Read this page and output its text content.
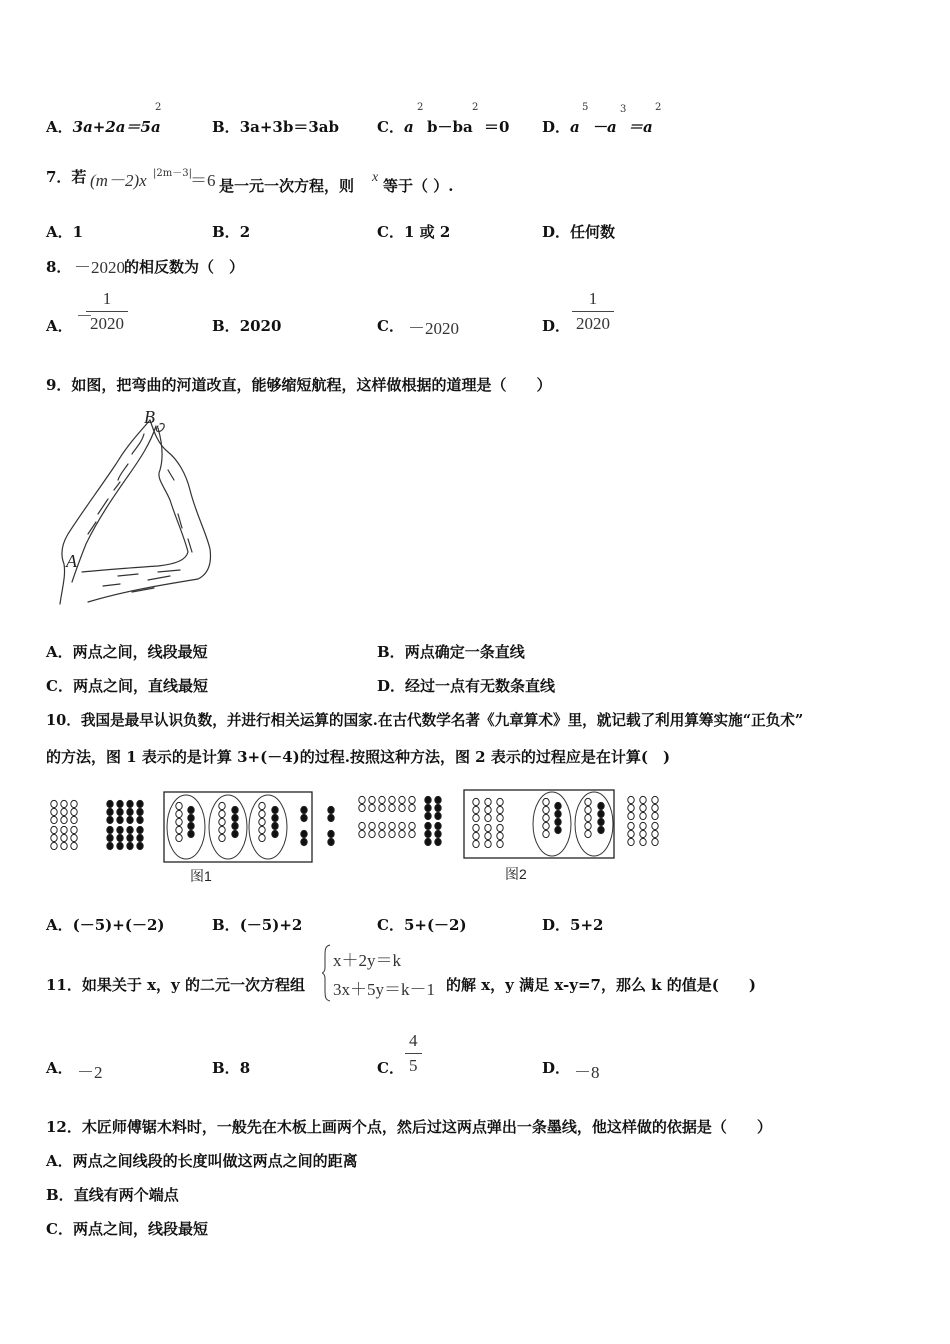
A．3a+2a＝5a
2
B．3a+3b＝3ab	C．a
2
b－ba
2
＝0 D．a
5
－a
3
＝a
2
7．若 (m－2)x |2m－3|
＝6 是一元一次方程，则 x 等于（ ）.
A．1	B．2	C．1 或 2	D．任何数
8． －2020 的相反数为（　）
A． －
$\frac{1}{2020}$	B．2020	C． －2020	D． $\frac{1}{2020}$
9．如图，把弯曲的河道改直，能够缩短航程，这样做根据的道理是（　　）
B
A
A．两点之间，线段最短	B．两点确定一条直线
C．两点之间，直线最短	D．经过一点有无数条直线
10．我国是最早认识负数，并进行相关运算的国家.在古代数学名著《九章算术》里，就记载了利用算筹实施“正负术”
的方法，图 1 表示的是计算 3+(－4)的过程.按照这种方法，图 2 表示的过程应是在计算(　)
图1	图2
A．(－5)+(－2)	B．(－5)+2	C．5+(－2)	D．5+2
11．如果关于 x，y 的二元一次方程组
x＋2y＝k
3x＋5y＝k－1 的解 x，y 满足 x-y=7，那么 k 的值是(　　)
A． －2	B．8	C． $\frac{4}{5}$	D． －8
12．木匠师傅锯木料时，一般先在木板上画两个点，然后过这两点弹出一条墨线，他这样做的依据是（　　）
A．两点之间线段的长度叫做这两点之间的距离
B．直线有两个端点
C．两点之间，线段最短
